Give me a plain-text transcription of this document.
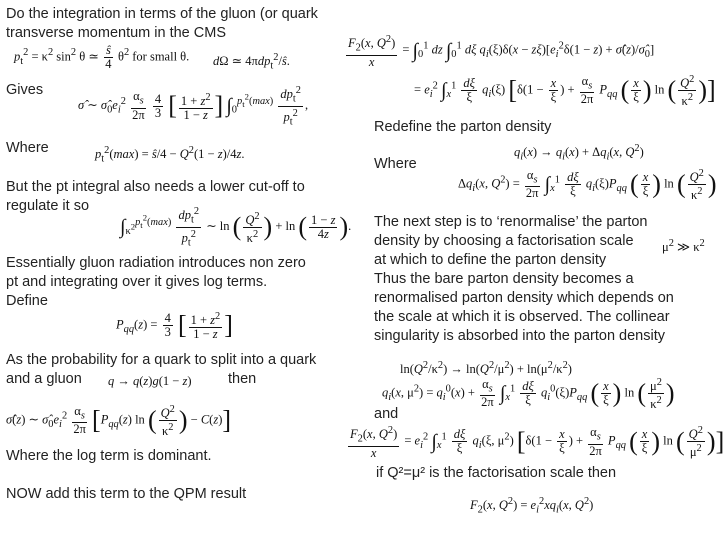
Do the integration in terms of the gluon (or quark
transverse momentum in the CMS
Gives
Where
But the pt integral also needs a lower cut-off to
regulate it so
Essentially gluon radiation introduces non zero
pt and integrating over it gives log terms.
Define
As the probability for a quark to split into a quark
and a gluon	then
Where the log term is dominant.
NOW add this term to the QPM result
Redefine the parton density
Where
The next step is to ‘renormalise’ the parton
density by choosing a factorisation scale
at which to define the parton density
Thus the bare parton density becomes a
renormalised parton density which depends on
the scale at which it is observed. The collinear
singularity is absorbed into the parton density
and
if Q²=μ² is the factorisation scale then
$p_t^2 = \kappa^2$ $\sin^2 \theta$ ≃ $\frac{ŝ}{4} \theta^2$ for small θ. dΩ ≃ 4πdp$_t^2$/ŝ.
σ̂ ∼ $\sigmâ_0e_i^2 \frac{\alpha_s}{2\pi}$
$\frac{4}{3}$ [ $\frac{1 + z^2}{1 - z}$ ] $\int_0^{p_t^2(max)} \frac{dp_t^2}{p_t^2}$ ,
$p_t^2(\max)$ = ŝ/4 − $Q^2(1 - z)/4z$.
$\int_{\kappa^2}^{p_t^2(max)} \frac{dp_t^2}{p_t^2}$ ∼ ln ( $\frac{Q^2}{\kappa^2}$ ) + ln ( $\frac{1 - z}{4z}$ ).
$P_{qq}(z) = \frac{4}{3}$ [ $\frac{1 + z^2}{1 - z}$ ]
q → q(z)g(1 − z)
σ̂(z) ∼ $\sigmâ_0e_i^2 \frac{\alpha_s}{2\pi} [P_{qq}(z)$ ln ( $\frac{Q^2}{\kappa^2}$ ) − C(z)]
$\frac{F_2(x, Q^2)}{x} = \int_0^1$ dz $\int_0^1$ dξ $q_i(\xi)\delta(x - z\xi)[e_i^2\delta(1 - z)$ + $\sigmâ(z)/\sigmâ_0$]
= $e_i^2$ $\int_x^1 \frac{d\xi}{\xi} q_i(\xi) [\delta(1 - \frac{x}{\xi}$ ) + $\frac{\alpha_s}{2\pi} P_{qq}$ ( $\frac{x}{\xi}$ ) ln ( $\frac{Q^2}{\kappa^2}$ )]
$q_i(x) \to q_i(x) + \Delta q_i(x$, $Q^2$)
$\Delta q_i(x$, $Q^2) = \frac{\alpha_s}{2\pi} \int_x^1 \frac{d\xi}{\xi} q_i(\xi)P_{qq}$ ( $\frac{x}{\xi}$ ) ln ( $\frac{Q^2}{\kappa^2}$ )
$\mu^2$ ≫ $\kappa^2$
$\ln(Q^2/\kappa^2) \to \ln(Q^2/\mu^2) + \ln(\mu^2/\kappa^2)$
$q_i(x$, $\mu^2) = q_i^0(x) + \frac{\alpha_s}{2\pi} \int_x^1 \frac{d\xi}{\xi} q_i^0(\xi)P_{qq}$ ( $\frac{x}{\xi}$ ) ln ( $\frac{\mu^2}{\kappa^2}$ )
$\frac{F_2(x, Q^2)}{x} = e_i^2$ $\int_x^1 \frac{d\xi}{\xi} q_i(\xi$, $\mu^2$) [$\delta(1 - \frac{x}{\xi}$ ) + $\frac{\alpha_s}{2\pi} P_{qq}$ ( $\frac{x}{\xi}$ ) ln ( $\frac{Q^2}{\mu^2}$ )]
$F_2(x$, $Q^2) = e_i^2xq_i(x$, $Q^2$)
